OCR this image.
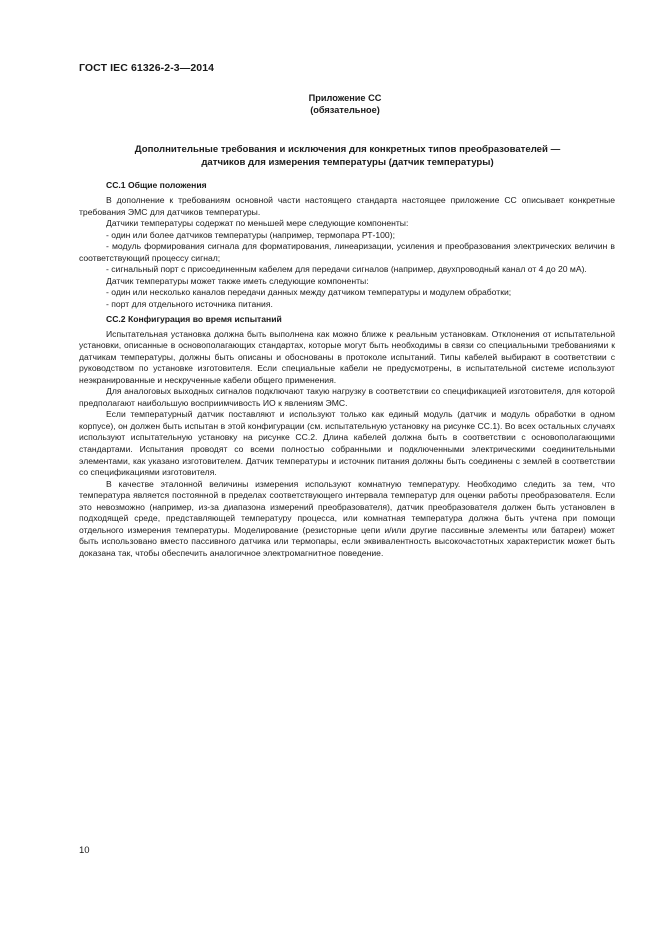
ГОСТ IEC 61326-2-3—2014
Приложение СС
(обязательное)
Дополнительные требования и исключения для конкретных типов преобразователей —
датчиков для измерения температуры (датчик температуры)
СС.1 Общие положения

В дополнение к требованиям основной части настоящего стандарта настоящее приложение СС описывает конкретные требования ЭМС для датчиков температуры.

Датчики температуры содержат по меньшей мере следующие компоненты:

- один или более датчиков температуры (например, термопара РТ-100);

- модуль формирования сигнала для форматирования, линеаризации, усиления и преобразования электрических величин в соответствующий процессу сигнал;

- сигнальный порт с присоединенным кабелем для передачи сигналов (например, двухпроводный канал от 4 до 20 мА).

Датчик температуры может также иметь следующие компоненты:

- один или несколько каналов передачи данных между датчиком температуры и модулем обработки;

- порт для отдельного источника питания.

СС.2 Конфигурация во время испытаний

Испытательная установка должна быть выполнена как можно ближе к реальным установкам. Отклонения от испытательной установки, описанные в основополагающих стандартах, которые могут быть необходимы в связи со специальными требованиями к датчикам температуры, должны быть описаны и обоснованы в протоколе испытаний. Типы кабелей выбирают в соответствии с руководством по установке изготовителя. Если специальные кабели не предусмотрены, в испытательной системе используют неэкранированные и нескрученные кабели общего применения.

Для аналоговых выходных сигналов подключают такую нагрузку в соответствии со спецификацией изготовителя, для которой предполагают наибольшую восприимчивость ИО к явлениям ЭМС.

Если температурный датчик поставляют и используют только как единый модуль (датчик и модуль обработки в одном корпусе), он должен быть испытан в этой конфигурации (см. испытательную установку на рисунке СС.1). Во всех остальных случаях используют испытательную установку на рисунке СС.2. Длина кабелей должна быть в соответствии с основополагающими стандартами. Испытания проводят со всеми полностью собранными и подключенными электрическими соединительными элементами, как указано изготовителем. Датчик температуры и источник питания должны быть соединены с землей в соответствии со спецификациями изготовителя.

В качестве эталонной величины измерения используют комнатную температуру. Необходимо следить за тем, что температура является постоянной в пределах соответствующего интервала температур для оценки работы преобразователя. Если это невозможно (например, из-за диапазона измерений преобразователя), датчик преобразователя должен быть установлен в подходящей среде, представляющей температуру процесса, или комнатная температура должна быть учтена при помощи отдельного измерения температуры. Моделирование (резисторные цепи и/или другие пассивные элементы или батареи) может быть использовано вместо пассивного датчика или термопары, если эквивалентность высокочастотных характеристик может быть доказана так, чтобы обеспечить аналогичное электромагнитное поведение.

10
